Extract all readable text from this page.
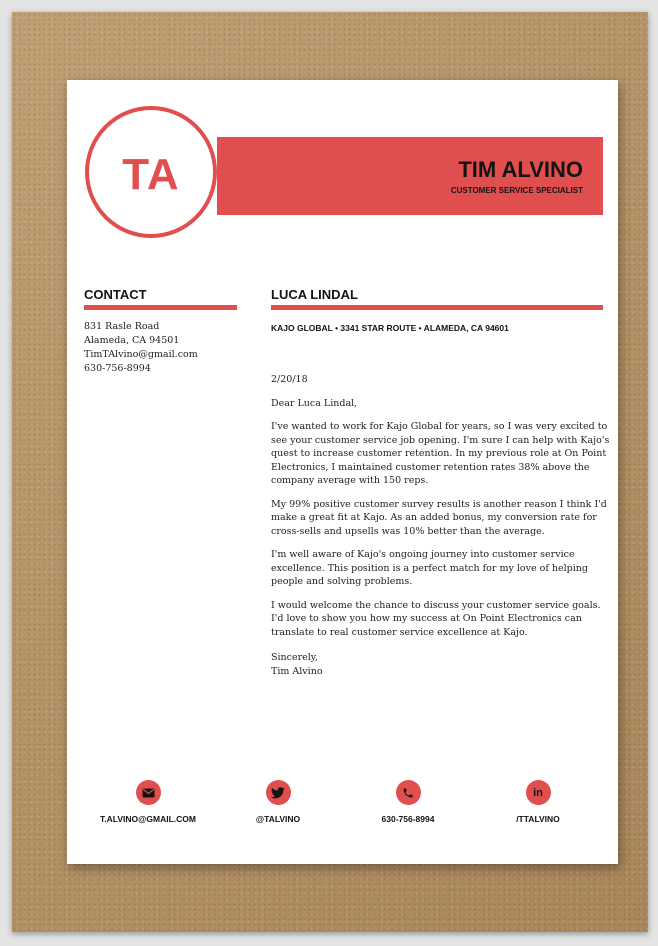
TA	TIM ALVINO
CUSTOMER SERVICE SPECIALIST
CONTACT
831 Rasle Road
Alameda, CA 94501
TimTAlvino@gmail.com
630-756-8994
LUCA LINDAL
KAJO GLOBAL • 3341 STAR ROUTE • ALAMEDA, CA 94601

2/20/18

Dear Luca Lindal,

I've wanted to work for Kajo Global for years, so I was very excited to see your customer service job opening. I'm sure I can help with Kajo's quest to increase customer retention. In my previous role at On Point Electronics, I maintained customer retention rates 38% above the company average with 150 reps.

My 99% positive customer survey results is another reason I think I'd make a great fit at Kajo. As an added bonus, my conversion rate for cross-sells and upsells was 10% better than the average.

I'm well aware of Kajo's ongoing journey into customer service excellence. This position is a perfect match for my love of helping people and solving problems.

I would welcome the chance to discuss your customer service goals. I'd love to show you how my success at On Point Electronics can translate to real customer service excellence at Kajo.

Sincerely,
Tim Alvino
T.ALVINO@GMAIL.COM	@TALVINO	630-756-8994
in
/TTALVINO
